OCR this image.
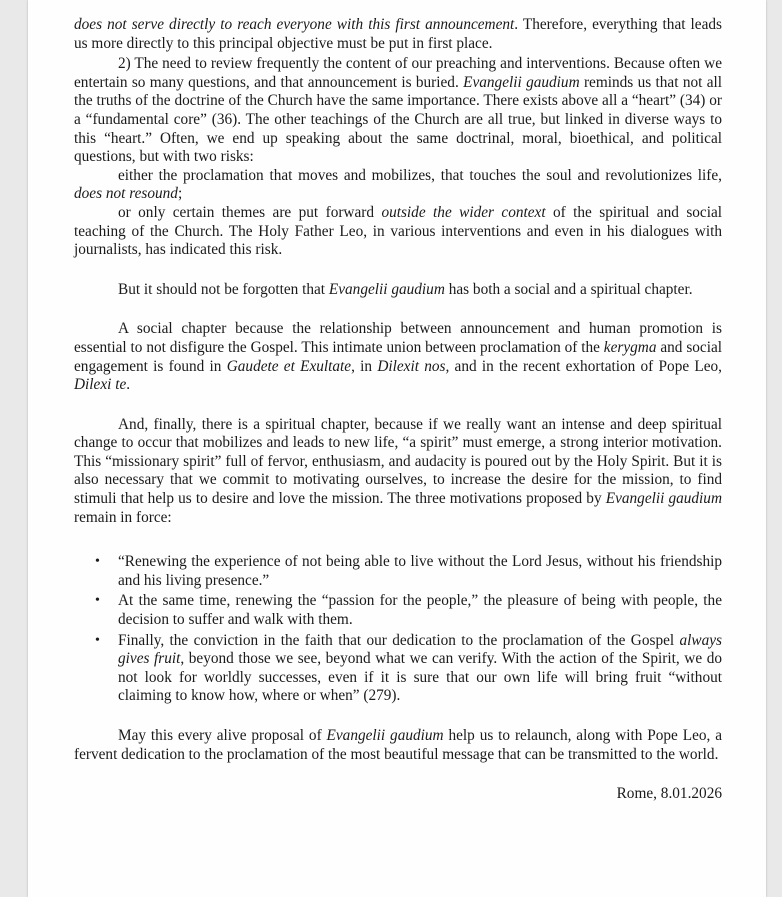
does not serve directly to reach everyone with this first announcement. Therefore, everything that leads us more directly to this principal objective must be put in first place.

2) The need to review frequently the content of our preaching and interventions. Because often we entertain so many questions, and that announcement is buried. Evangelii gaudium reminds us that not all the truths of the doctrine of the Church have the same importance. There exists above all a “heart” (34) or a “fundamental core” (36). The other teachings of the Church are all true, but linked in diverse ways to this “heart.” Often, we end up speaking about the same doctrinal, moral, bioethical, and political questions, but with two risks:

either the proclamation that moves and mobilizes, that touches the soul and revolutionizes life, does not resound;

or only certain themes are put forward outside the wider context of the spiritual and social teaching of the Church. The Holy Father Leo, in various interventions and even in his dialogues with journalists, has indicated this risk.

But it should not be forgotten that Evangelii gaudium has both a social and a spiritual chapter.

A social chapter because the relationship between announcement and human promotion is essential to not disfigure the Gospel. This intimate union between proclamation of the kerygma and social engagement is found in Gaudete et Exultate, in Dilexit nos, and in the recent exhortation of Pope Leo, Dilexi te.

And, finally, there is a spiritual chapter, because if we really want an intense and deep spiritual change to occur that mobilizes and leads to new life, “a spirit” must emerge, a strong interior motivation. This “missionary spirit” full of fervor, enthusiasm, and audacity is poured out by the Holy Spirit. But it is also necessary that we commit to motivating ourselves, to increase the desire for the mission, to find stimuli that help us to desire and love the mission. The three motivations proposed by Evangelii gaudium remain in force:

• “Renewing the experience of not being able to live without the Lord Jesus, without his friendship and his living presence.”
• At the same time, renewing the “passion for the people,” the pleasure of being with people, the decision to suffer and walk with them.
• Finally, the conviction in the faith that our dedication to the proclamation of the Gospel always gives fruit, beyond those we see, beyond what we can verify. With the action of the Spirit, we do not look for worldly successes, even if it is sure that our own life will bring fruit “without claiming to know how, where or when” (279).

May this every alive proposal of Evangelii gaudium help us to relaunch, along with Pope Leo, a fervent dedication to the proclamation of the most beautiful message that can be transmitted to the world.

Rome, 8.01.2026
